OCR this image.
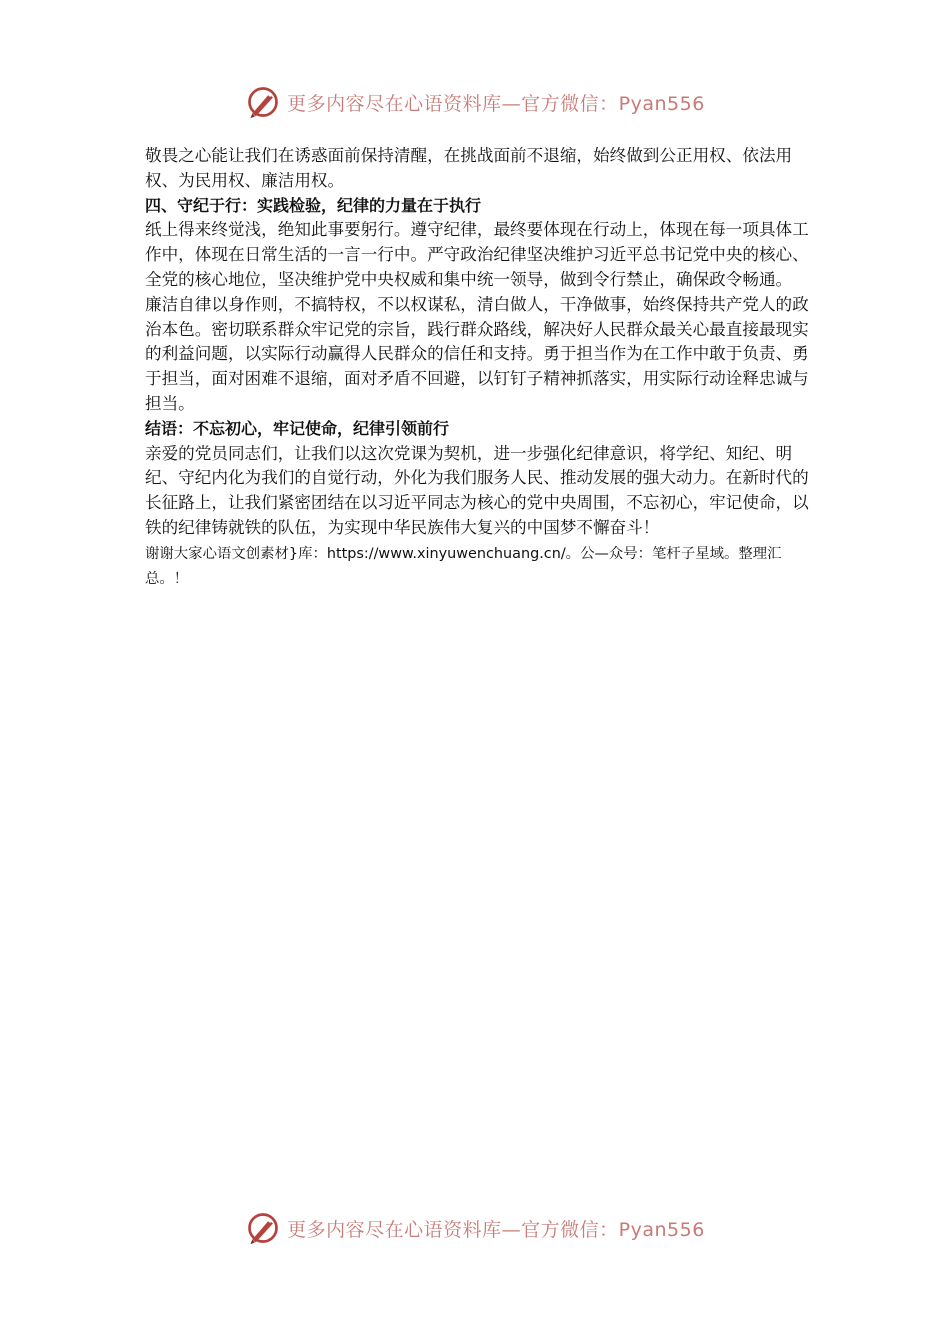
更多内容尽在心语资料库—官方微信：Pyan556

敬畏之心能让我们在诱惑面前保持清醒，在挑战面前不退缩，始终做到公正用权、依法用权、为民用权、廉洁用权。

四、守纪于行：实践检验，纪律的力量在于执行

纸上得来终觉浅，绝知此事要躬行。遵守纪律，最终要体现在行动上，体现在每一项具体工作中，体现在日常生活的一言一行中。严守政治纪律坚决维护习近平总书记党中央的核心、全党的核心地位，坚决维护党中央权威和集中统一领导，做到令行禁止，确保政令畅通。

廉洁自律以身作则，不搞特权，不以权谋私，清白做人，干净做事，始终保持共产党人的政治本色。密切联系群众牢记党的宗旨，践行群众路线，解决好人民群众最关心最直接最现实的利益问题，以实际行动赢得人民群众的信任和支持。勇于担当作为在工作中敢于负责、勇于担当，面对困难不退缩，面对矛盾不回避，以钉钉子精神抓落实，用实际行动诠释忠诚与担当。

结语：不忘初心，牢记使命，纪律引领前行

亲爱的党员同志们，让我们以这次党课为契机，进一步强化纪律意识，将学纪、知纪、明纪、守纪内化为我们的自觉行动，外化为我们服务人民、推动发展的强大动力。在新时代的长征路上，让我们紧密团结在以习近平同志为核心的党中央周围，不忘初心，牢记使命，以铁的纪律铸就铁的队伍，为实现中华民族伟大复兴的中国梦不懈奋斗！

谢谢大家心语文创素材}库：https://www.xinyuwenchuang.cn/。公—众号：笔杆子星域。整理汇总。！

更多内容尽在心语资料库—官方微信：Pyan556
